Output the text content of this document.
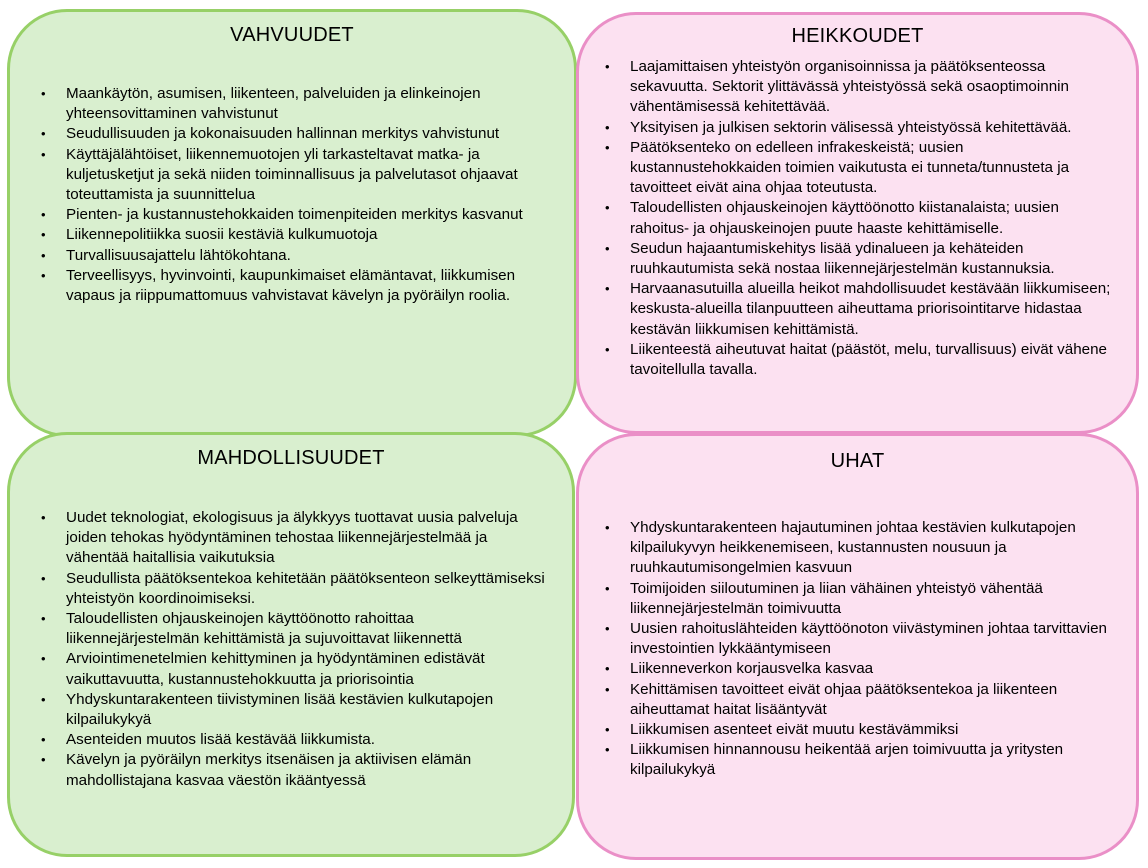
VAHVUUDET
• Maankäytön, asumisen, liikenteen, palveluiden ja elinkeinojen yhteensovittaminen vahvistunut
• Seudullisuuden ja kokonaisuuden hallinnan merkitys vahvistunut
• Käyttäjälähtöiset, liikennemuotojen yli tarkasteltavat matka- ja kuljetusketjut ja sekä niiden toiminnallisuus ja palvelutasot ohjaavat toteuttamista ja suunnittelua
• Pienten- ja kustannustehokkaiden toimenpiteiden merkitys kasvanut
• Liikennepolitiikka suosii kestäviä kulkumuotoja
• Turvallisuusajattelu lähtökohtana.
• Terveellisyys, hyvinvointi, kaupunkimaiset elämäntavat, liikkumisen vapaus ja riippumattomuus vahvistavat kävelyn ja pyöräilyn roolia.
HEIKKOUDET
• Laajamittaisen yhteistyön organisoinnissa ja päätöksenteossa sekavuutta. Sektorit ylittävässä yhteistyössä sekä osaoptimoinnin vähentämisessä kehitettävää.
• Yksityisen ja julkisen sektorin välisessä yhteistyössä kehitettävää.
• Päätöksenteko on edelleen infrakeskeistä; uusien kustannustehokkaiden toimien vaikutusta ei tunneta/tunnusteta ja tavoitteet eivät aina ohjaa toteutusta.
• Taloudellisten ohjauskeinojen käyttöönotto kiistanalaista; uusien rahoitus- ja ohjauskeinojen puute haaste kehittämiselle.
• Seudun hajaantumiskehitys lisää ydinalueen ja kehäteiden ruuhkautumista sekä nostaa liikennejärjestelmän kustannuksia.
• Harvaanasutuilla alueilla heikot mahdollisuudet kestävään liikkumiseen; keskusta-alueilla tilanpuutteen aiheuttama priorisointitarve hidastaa kestävän liikkumisen kehittämistä.
• Liikenteestä aiheutuvat haitat (päästöt, melu, turvallisuus) eivät vähene tavoitellulla tavalla.
MAHDOLLISUUDET
• Uudet teknologiat, ekologisuus ja älykkyys tuottavat uusia palveluja joiden tehokas hyödyntäminen tehostaa liikennejärjestelmää ja vähentää haitallisia vaikutuksia
• Seudullista päätöksentekoa kehitetään päätöksenteon selkeyttämiseksi yhteistyön koordinoimiseksi.
• Taloudellisten ohjauskeinojen käyttöönotto rahoittaa liikennejärjestelmän kehittämistä ja sujuvoittavat liikennettä
• Arviointimenetelmien kehittyminen ja hyödyntäminen edistävät vaikuttavuutta, kustannustehokkuutta ja priorisointia
• Yhdyskuntarakenteen tiivistyminen lisää kestävien kulkutapojen kilpailukykyä
• Asenteiden muutos lisää kestävää liikkumista.
• Kävelyn ja pyöräilyn merkitys itsenäisen ja aktiivisen elämän mahdollistajana kasvaa väestön ikääntyessä
UHAT
• Yhdyskuntarakenteen hajautuminen johtaa kestävien kulkutapojen kilpailukyvyn heikkenemiseen, kustannusten nousuun ja ruuhkautumisongelmien kasvuun
• Toimijoiden siiloutuminen ja liian vähäinen yhteistyö vähentää liikennejärjestelmän toimivuutta
• Uusien rahoituslähteiden käyttöönoton viivästyminen johtaa tarvittavien investointien lykkääntymiseen
• Liikenneverkon korjausvelka kasvaa
• Kehittämisen tavoitteet eivät ohjaa päätöksentekoa ja liikenteen aiheuttamat haitat lisääntyvät
• Liikkumisen asenteet eivät muutu kestävämmiksi
• Liikkumisen hinnannousu heikentää arjen toimivuutta ja yritysten kilpailukykyä
